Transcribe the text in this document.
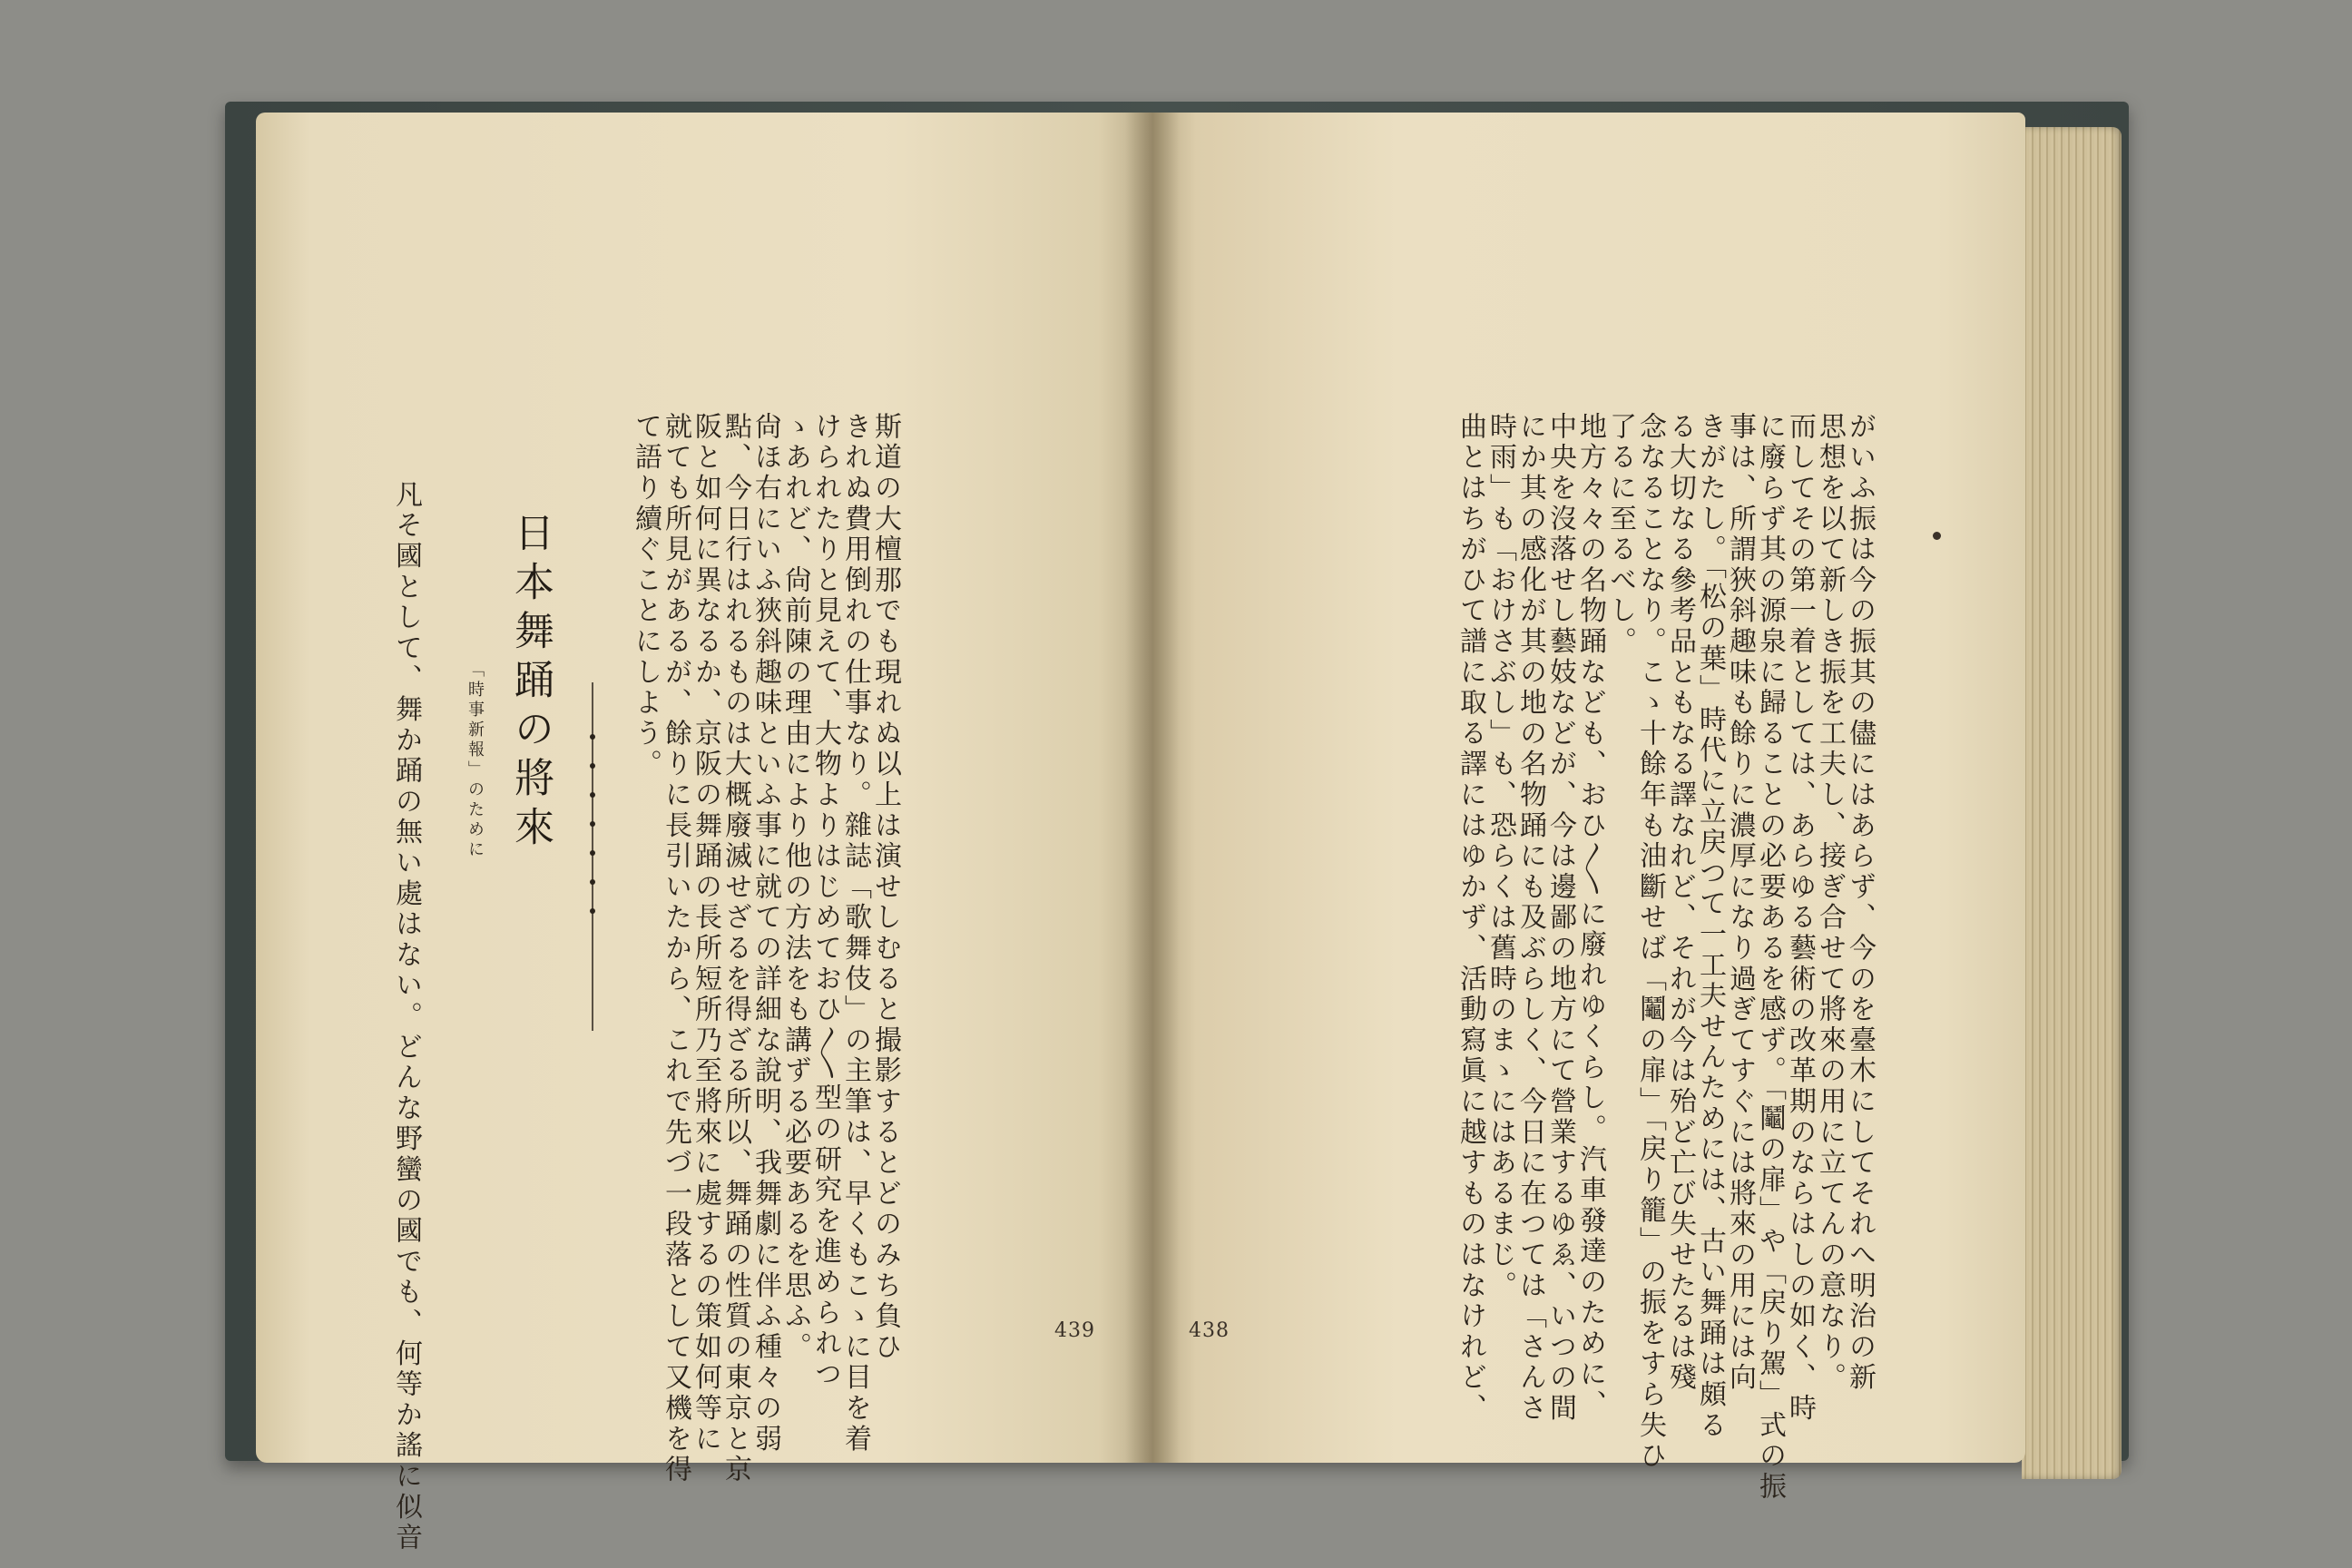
斯道の大檀那でも現れぬ以上は演せしむると撮影するとどのみち負ひ
きれぬ費用倒れの仕事なり。雜誌「歌舞伎」の主筆は、早くもこゝに目を着
けられたりと見えて、大物よりはじめておひ〳〵型の研究を進められつ
ゝあれど、尙前陳の理由により他の方法をも講ずる必要あるを思ふ。
尙ほ右にいふ狹斜趣味といふ事に就ての詳細な說明、我舞劇に伴ふ種々の弱
點、今日行はれるものは大概廢滅せざるを得ざる所以、舞踊の性質の東京と京
阪と如何に異なるか、京阪の舞踊の長所短所乃至將來に處するの策如何等に
就ても所見があるが、餘りに長引いたから、これで先づ一段落として又機を得
て語り續ぐことにしよう。
日本舞踊の將來
「時事新報」のために
凡そ國として、舞か踊の無い處はない。どんな野蠻の國でも、何等か謠に似音	439	がいふ振は今の振其の儘にはあらず、今のを臺木にしてそれへ明治の新
思想を以て新しき振を工夫し、接ぎ合せて將來の用に立てんの意なり。
而してその第一着としては、あらゆる藝術の改革期のならはしの如く、時
に廢らず其の源泉に歸ることの必要あるを感ず。「鬮の扉」や「戻り駕」式の振
事は、所謂狹斜趣味も餘りに濃厚になり過ぎてすぐには將來の用には向
きがたし。「松の葉」時代に立戻つて一工夫せんためには、古い舞踊は頗る
る大切なる參考品ともなる譯なれど、それが今は殆ど亡び失せたるは殘
念なることなり。こゝ十餘年も油斷せば「鬮の扉」「戻り籠」の振をすら失ひ
了るに至るべし。
地方々々の名物踊なども、おひ〳〵に廢れゆくらし。汽車發達のために、
中央を沒落せし藝妓などが、今は邊鄙の地方にて營業するゆゑ、いつの間
にか其の感化が其の地の名物踊にも及ぶらしく、今日に在つては「さんさ
時雨」も「おけさぶし」も、恐らくは舊時のまゝにはあるまじ。
曲とはちがひて譜に取る譯にはゆかず、活動寫眞に越すものはなけれど、
438
